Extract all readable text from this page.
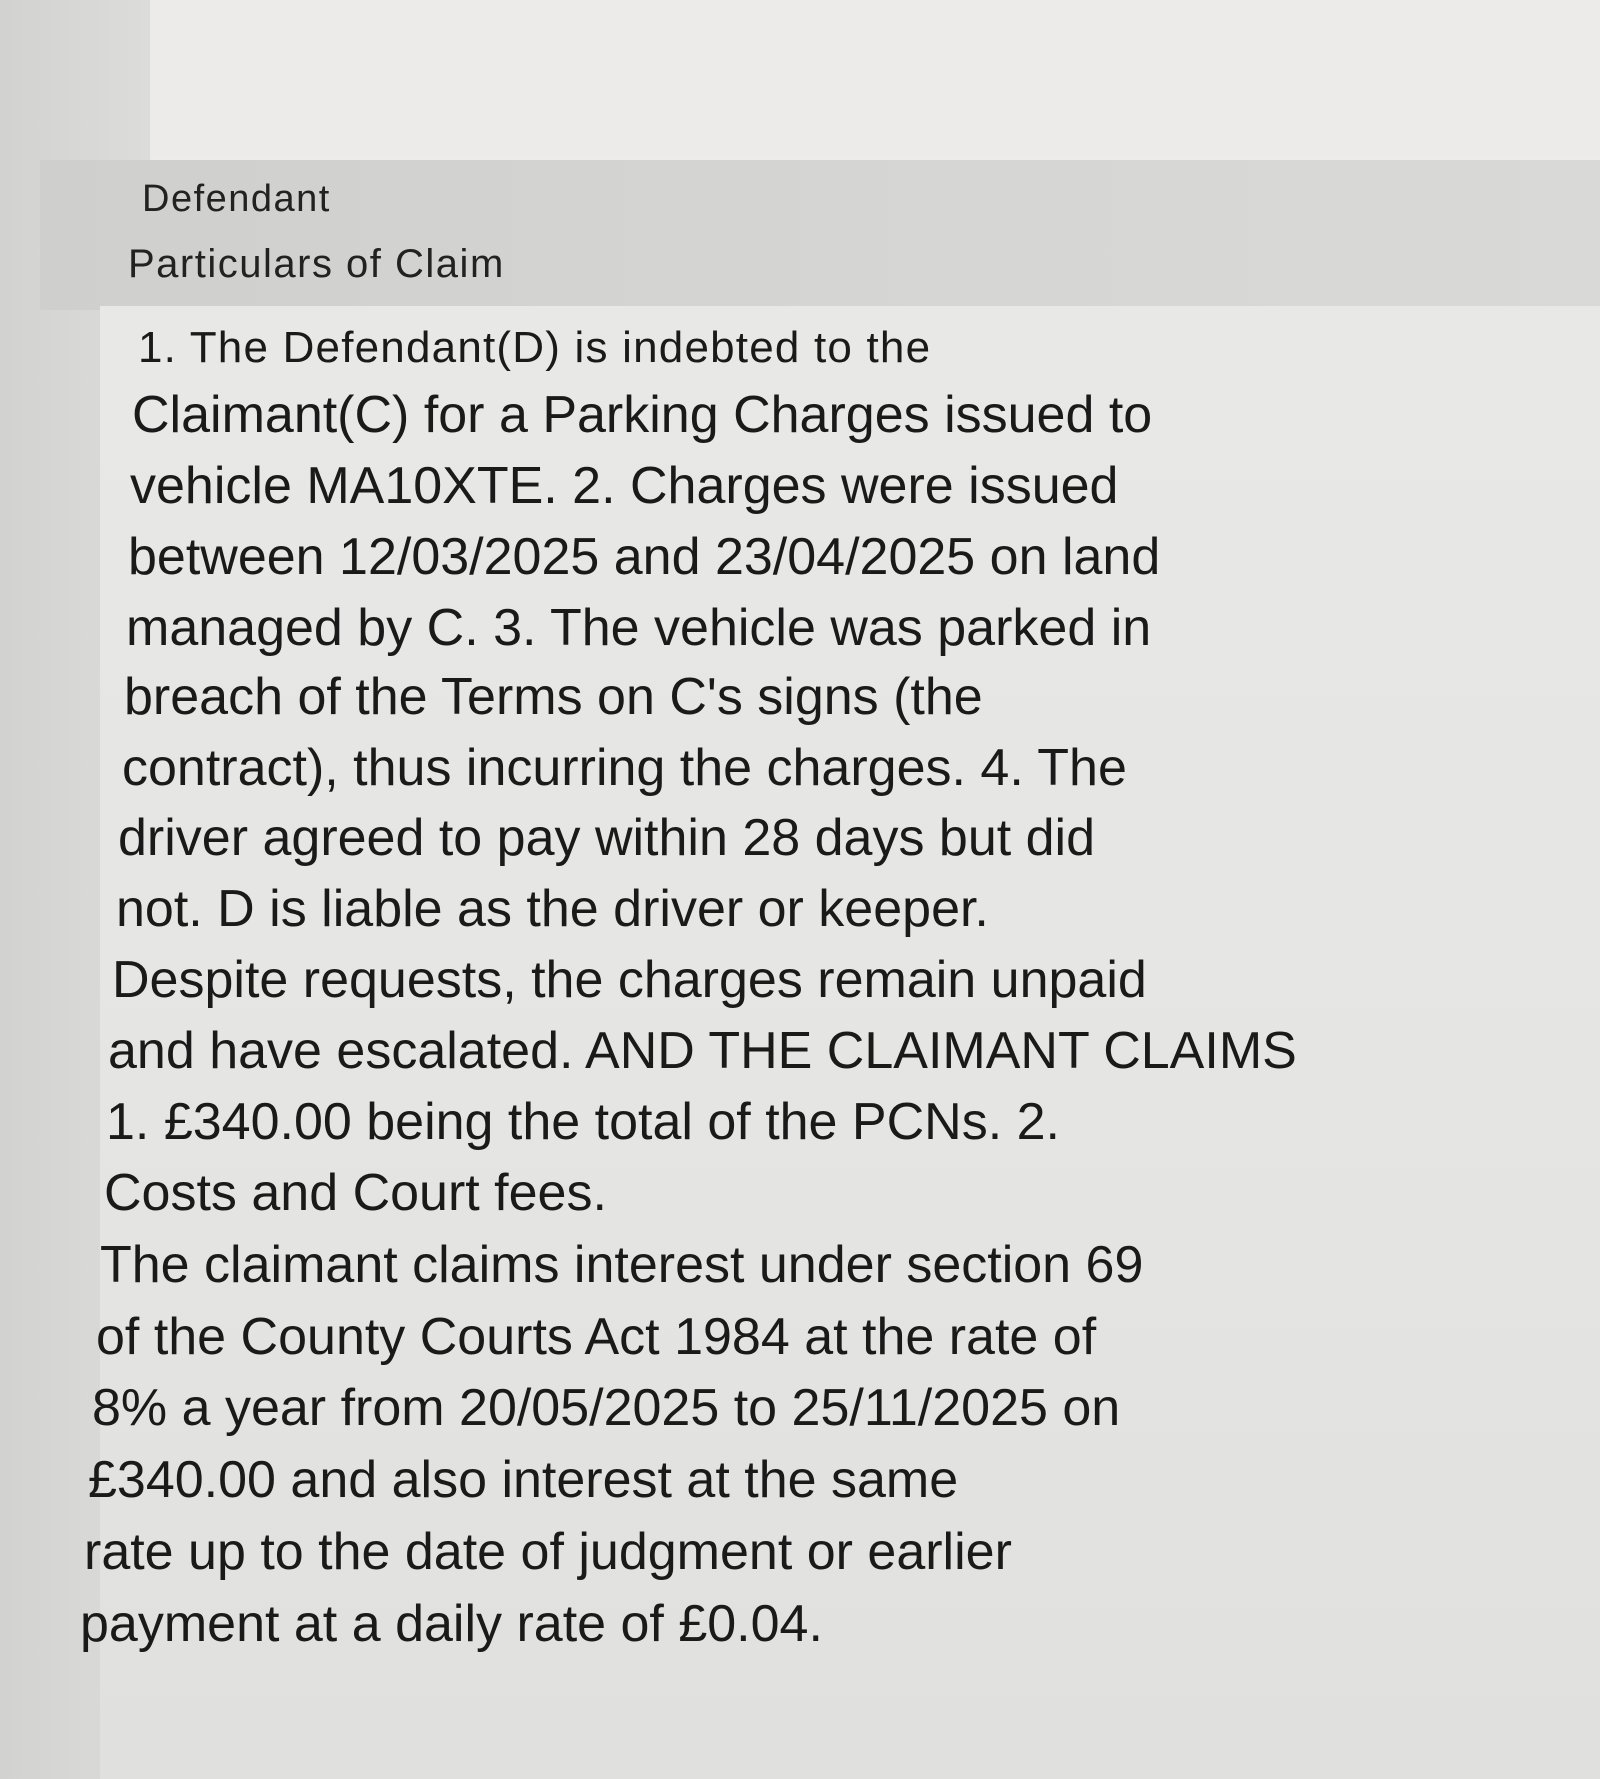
Defendant
Particulars of Claim
1. The Defendant(D) is indebted to the
Claimant(C) for a Parking Charges issued to
vehicle MA10XTE. 2. Charges were issued
between 12/03/2025 and 23/04/2025 on land
managed by C. 3. The vehicle was parked in
breach of the Terms on C's signs (the
contract), thus incurring the charges. 4. The
driver agreed to pay within 28 days but did
not. D is liable as the driver or keeper.
Despite requests, the charges remain unpaid
and have escalated. AND THE CLAIMANT CLAIMS
1. £340.00 being the total of the PCNs. 2.
Costs and Court fees.
The claimant claims interest under section 69
of the County Courts Act 1984 at the rate of
8% a year from 20/05/2025 to 25/11/2025 on
£340.00 and also interest at the same
rate up to the date of judgment or earlier
payment at a daily rate of £0.04.
